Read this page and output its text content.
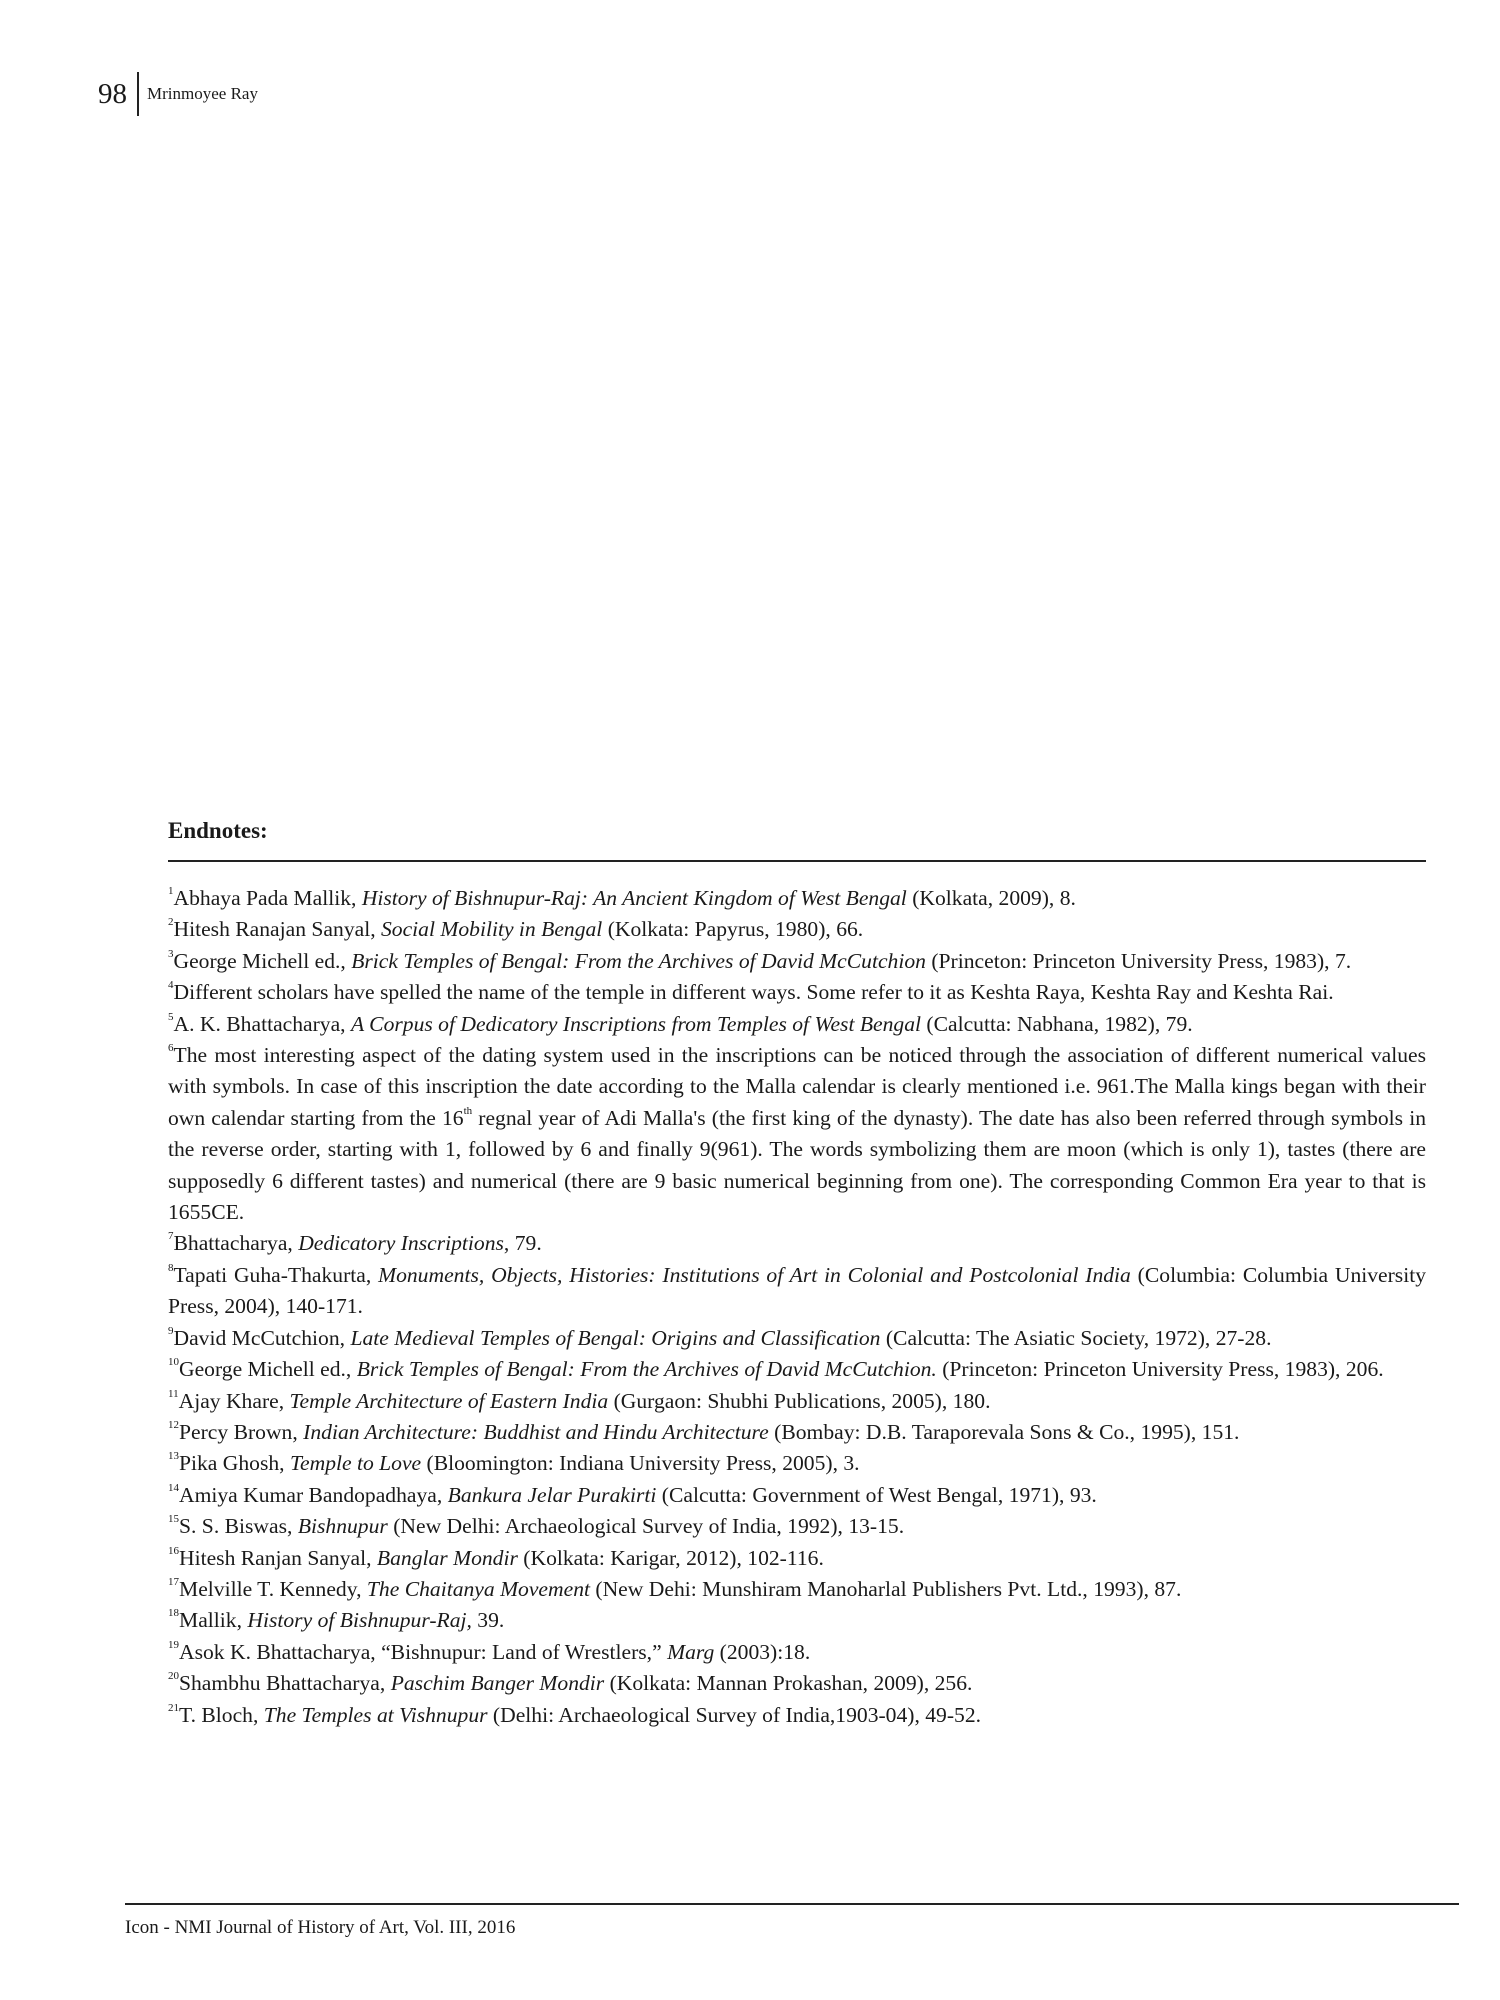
98	Mrinmoyee Ray
Endnotes:
$^1$Abhaya Pada Mallik, History of Bishnupur-Raj: An Ancient Kingdom of West Bengal (Kolkata, 2009), 8.
$^2$Hitesh Ranajan Sanyal, Social Mobility in Bengal (Kolkata: Papyrus, 1980), 66.
$^3$George Michell ed., Brick Temples of Bengal: From the Archives of David McCutchion (Princeton: Princeton University Press, 1983), 7.
$^4$Different scholars have spelled the name of the temple in different ways. Some refer to it as Keshta Raya, Keshta Ray and Keshta Rai.
$^5$A. K. Bhattacharya, A Corpus of Dedicatory Inscriptions from Temples of West Bengal (Calcutta: Nabhana, 1982), 79.
$^6$The most interesting aspect of the dating system used in the inscriptions can be noticed through the association of different numerical values with symbols. In case of this inscription the date according to the Malla calendar is clearly mentioned i.e. 961.The Malla kings began with their own calendar starting from the 16th regnal year of Adi Malla's (the first king of the dynasty). The date has also been referred through symbols in the reverse order, starting with 1, followed by 6 and finally 9(961). The words symbolizing them are moon (which is only 1), tastes (there are supposedly 6 different tastes) and numerical (there are 9 basic numerical beginning from one). The corresponding Common Era year to that is 1655CE.
$^7$Bhattacharya, Dedicatory Inscriptions, 79.
$^8$Tapati Guha-Thakurta, Monuments, Objects, Histories: Institutions of Art in Colonial and Postcolonial India (Columbia: Columbia University Press, 2004), 140-171.
$^9$David McCutchion, Late Medieval Temples of Bengal: Origins and Classification (Calcutta: The Asiatic Society, 1972), 27-28.
$^{10}$George Michell ed., Brick Temples of Bengal: From the Archives of David McCutchion. (Princeton: Princeton University Press, 1983), 206.
$^{11}$Ajay Khare, Temple Architecture of Eastern India (Gurgaon: Shubhi Publications, 2005), 180.
$^{12}$Percy Brown, Indian Architecture: Buddhist and Hindu Architecture (Bombay: D.B. Taraporevala Sons & Co., 1995), 151.
$^{13}$Pika Ghosh, Temple to Love (Bloomington: Indiana University Press, 2005), 3.
$^{14}$Amiya Kumar Bandopadhaya, Bankura Jelar Purakirti (Calcutta: Government of West Bengal, 1971), 93.
$^{15}$S. S. Biswas, Bishnupur (New Delhi: Archaeological Survey of India, 1992), 13-15.
$^{16}$Hitesh Ranjan Sanyal, Banglar Mondir (Kolkata: Karigar, 2012), 102-116.
$^{17}$Melville T. Kennedy, The Chaitanya Movement (New Dehi: Munshiram Manoharlal Publishers Pvt. Ltd., 1993), 87.
$^{18}$Mallik, History of Bishnupur-Raj, 39.
$^{19}$Asok K. Bhattacharya, “Bishnupur: Land of Wrestlers,” Marg (2003):18.
$^{20}$Shambhu Bhattacharya, Paschim Banger Mondir (Kolkata: Mannan Prokashan, 2009), 256.
$^{21}$T. Bloch, The Temples at Vishnupur (Delhi: Archaeological Survey of India,1903-04), 49-52.
Icon - NMI Journal of History of Art, Vol. III, 2016
